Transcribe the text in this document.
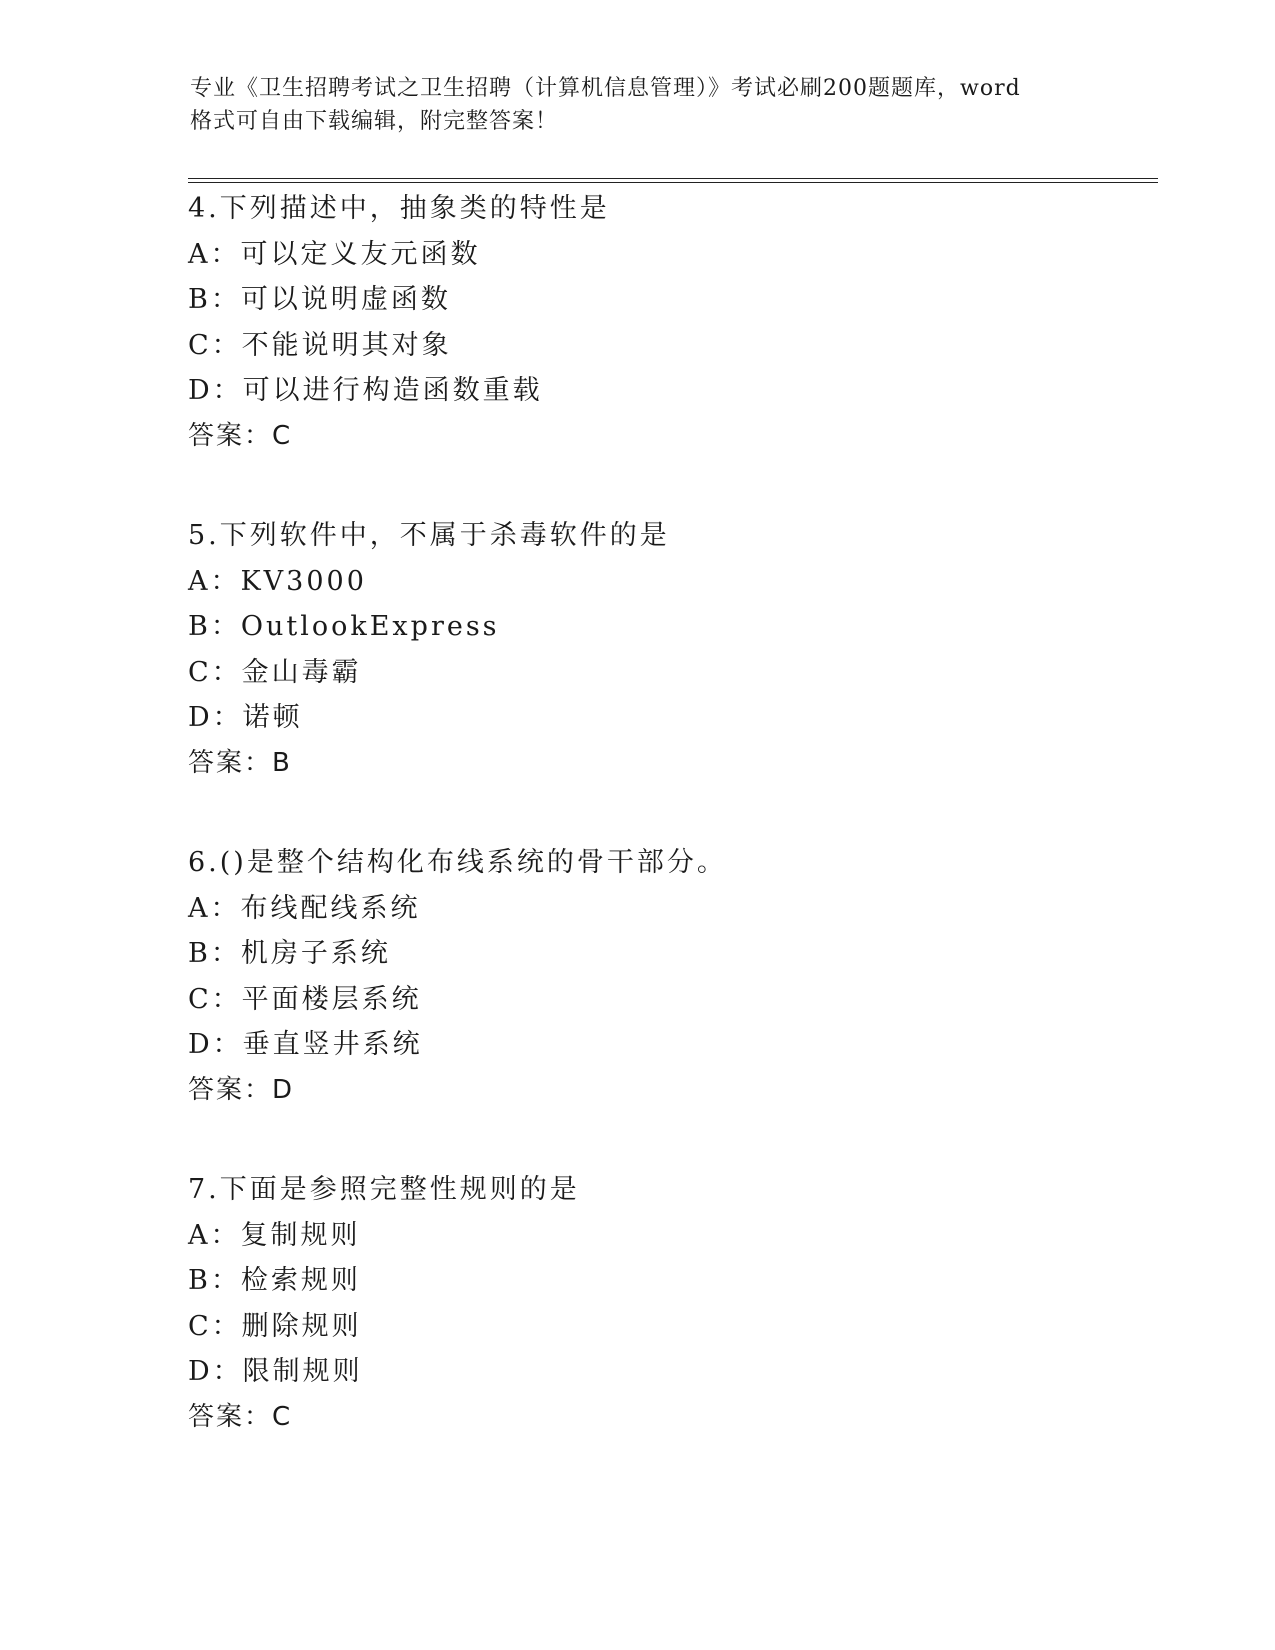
专业《卫生招聘考试之卫生招聘（计算机信息管理）》考试必刷200题题库，word
格式可自由下载编辑，附完整答案！
4.下列描述中，抽象类的特性是
A：可以定义友元函数
B：可以说明虚函数
C：不能说明其对象
D：可以进行构造函数重载
答案：C
5.下列软件中，不属于杀毒软件的是
A：KV3000
B：OutlookExpress
C：金山毒霸
D：诺顿
答案：B
6.()是整个结构化布线系统的骨干部分。
A：布线配线系统
B：机房子系统
C：平面楼层系统
D：垂直竖井系统
答案：D
7.下面是参照完整性规则的是
A：复制规则
B：检索规则
C：删除规则
D：限制规则
答案：C
